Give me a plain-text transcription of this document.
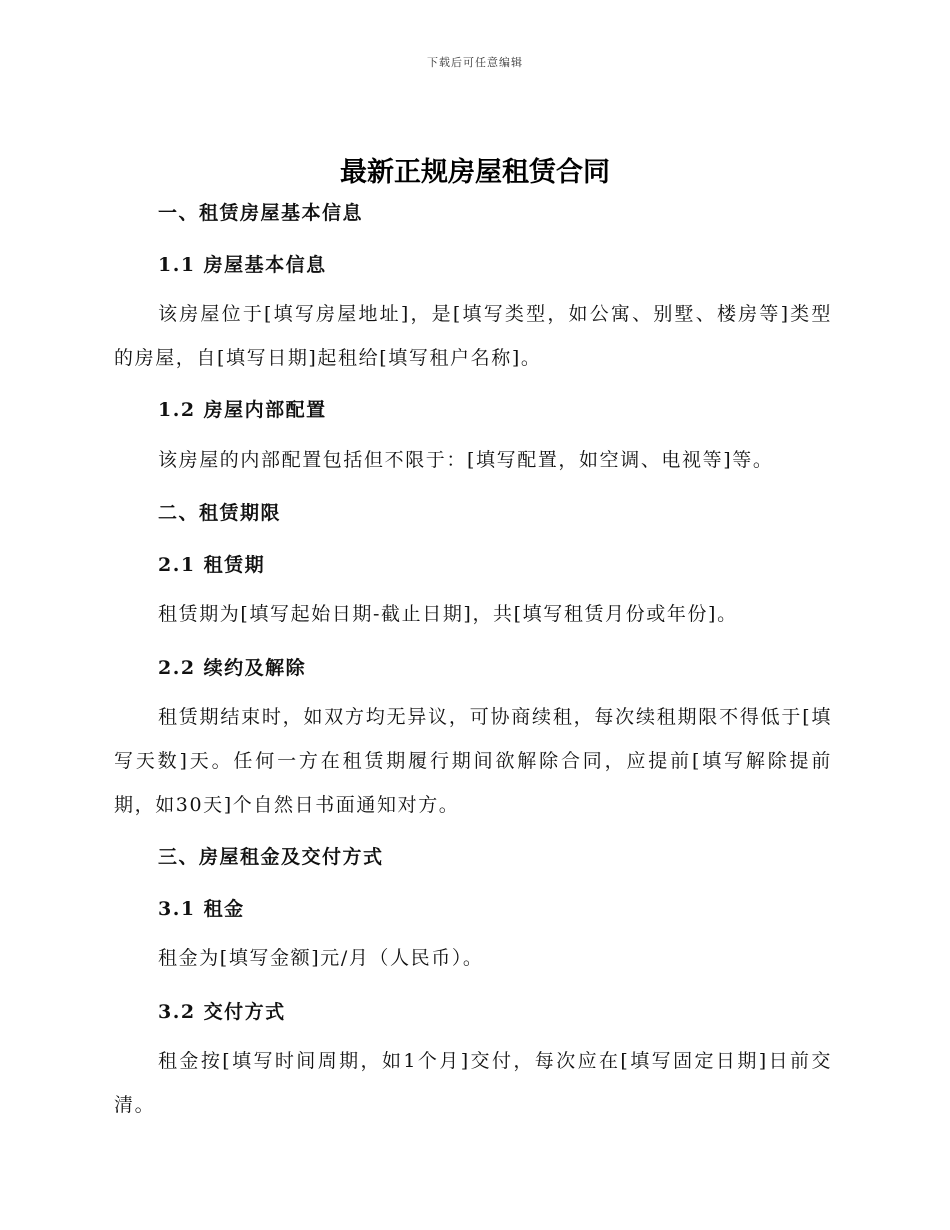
下载后可任意编辑
最新正规房屋租赁合同
一、租赁房屋基本信息
1.1 房屋基本信息

该房屋位于[填写房屋地址]，是[填写类型，如公寓、别墅、楼房等]类型的房屋，自[填写日期]起租给[填写租户名称]。

1.2 房屋内部配置

该房屋的内部配置包括但不限于：[填写配置，如空调、电视等]等。

二、租赁期限
2.1 租赁期

租赁期为[填写起始日期-截止日期]，共[填写租赁月份或年份]。

2.2 续约及解除

租赁期结束时，如双方均无异议，可协商续租，每次续租期限不得低于[填写天数]天。任何一方在租赁期履行期间欲解除合同，应提前[填写解除提前期，如30天]个自然日书面通知对方。

三、房屋租金及交付方式
3.1 租金

租金为[填写金额]元/月（人民币）。

3.2 交付方式

租金按[填写时间周期，如1个月]交付，每次应在[填写固定日期]日前交清。
